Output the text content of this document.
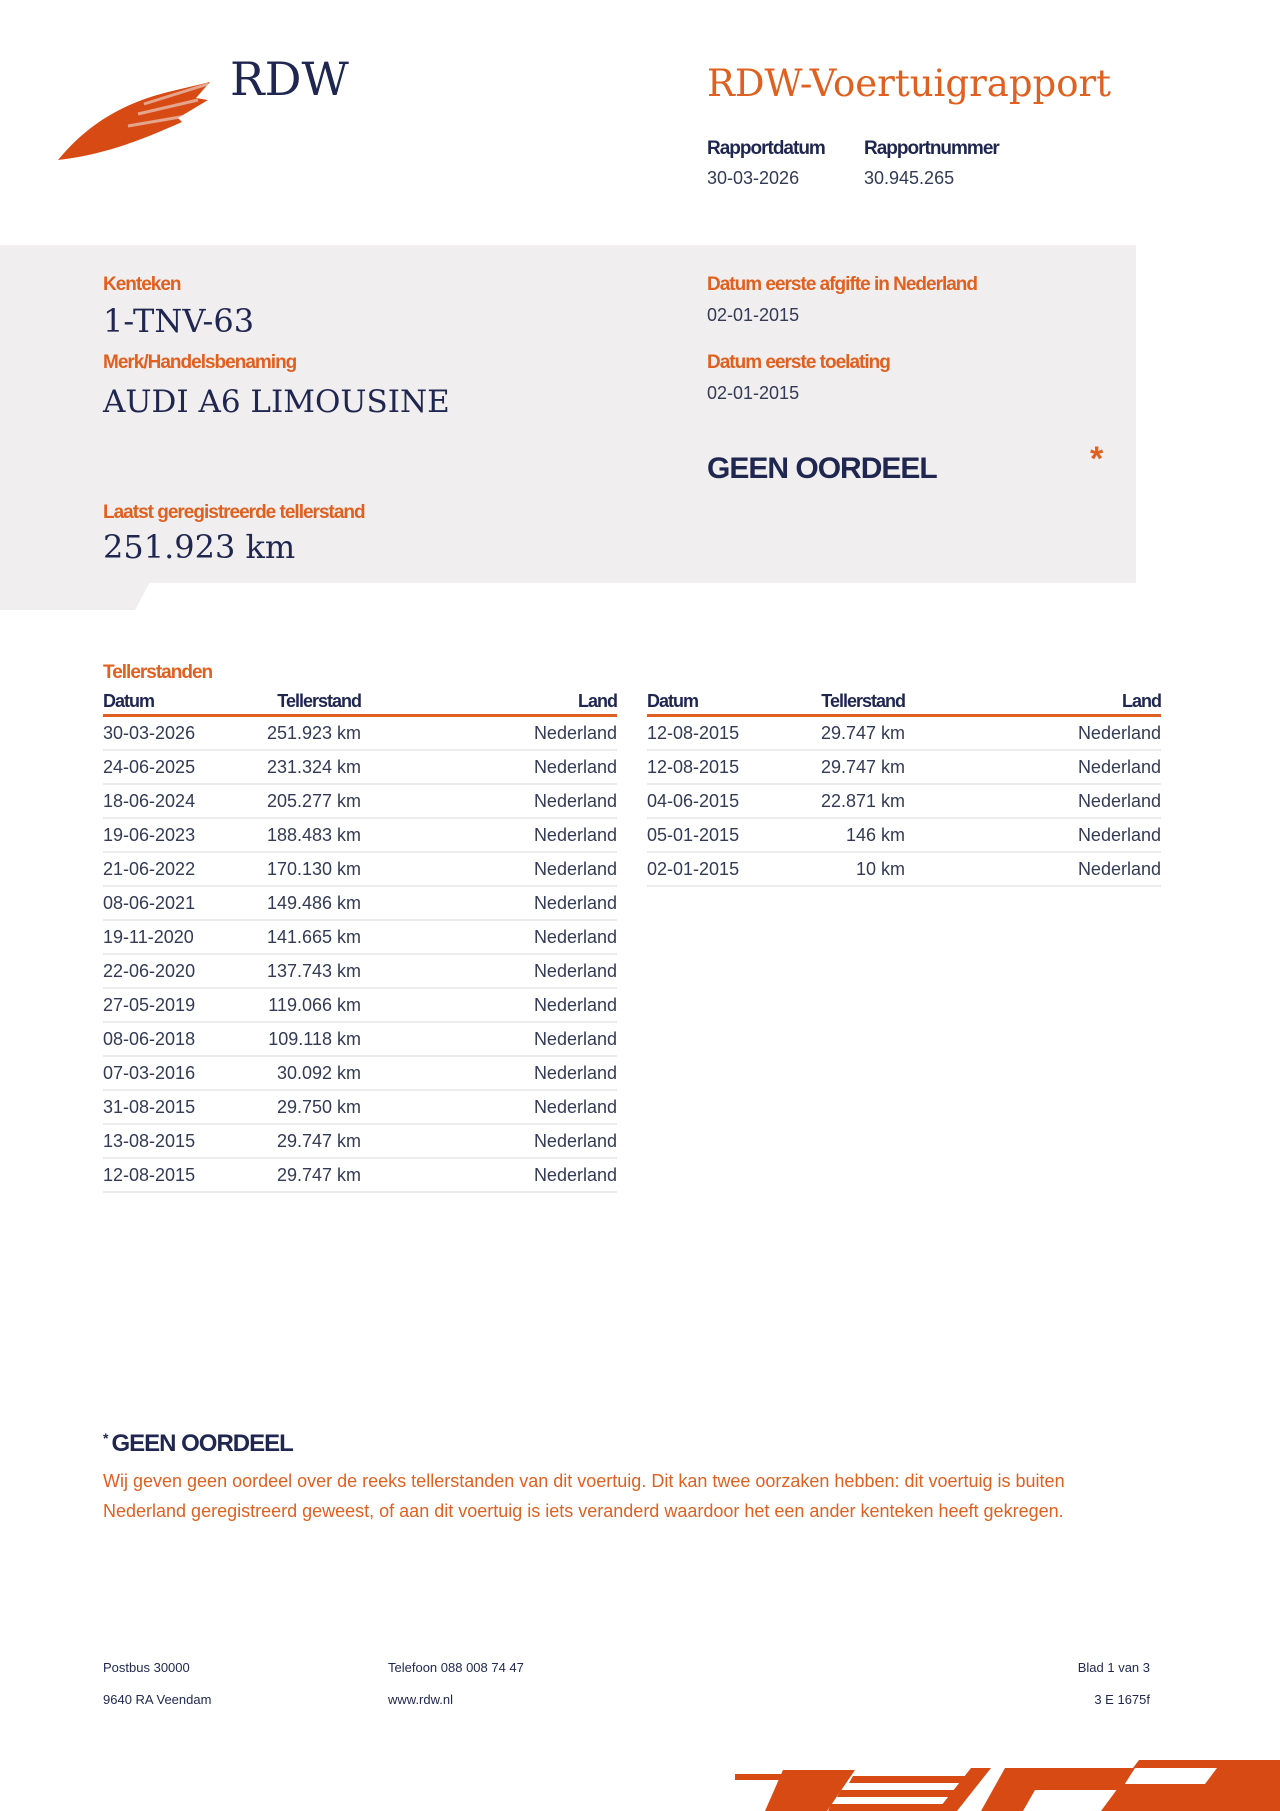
RDW	RDW-Voertuigrapport
Rapportdatum
30-03-2026
Rapportnummer
30.945.265
Kenteken
1-TNV-63
Merk/Handelsbenaming
AUDI A6 LIMOUSINE
Laatst geregistreerde tellerstand
251.923 km
Datum eerste afgifte in Nederland
02-01-2015
Datum eerste toelating
02-01-2015
GEEN OORDEEL	*
Tellerstanden
Datum	Tellerstand	Land
30-03-2026	251.923 km	Nederland
24-06-2025	231.324 km	Nederland
18-06-2024	205.277 km	Nederland
19-06-2023	188.483 km	Nederland
21-06-2022	170.130 km	Nederland
08-06-2021	149.486 km	Nederland
19-11-2020	141.665 km	Nederland
22-06-2020	137.743 km	Nederland
27-05-2019	119.066 km	Nederland
08-06-2018	109.118 km	Nederland
07-03-2016	30.092 km	Nederland
31-08-2015	29.750 km	Nederland
13-08-2015	29.747 km	Nederland
12-08-2015	29.747 km	Nederland
Datum	Tellerstand	Land
12-08-2015	29.747 km	Nederland
12-08-2015	29.747 km	Nederland
04-06-2015	22.871 km	Nederland
05-01-2015	146 km	Nederland
02-01-2015	10 km	Nederland
* GEEN OORDEEL
Wij geven geen oordeel over de reeks tellerstanden van dit voertuig. Dit kan twee oorzaken hebben: dit voertuig is buiten Nederland geregistreerd geweest, of aan dit voertuig is iets veranderd waardoor het een ander kenteken heeft gekregen.
Postbus 30000
9640 RA Veendam
Telefoon 088 008 74 47
www.rdw.nl
Blad 1 van 3
3 E 1675f
